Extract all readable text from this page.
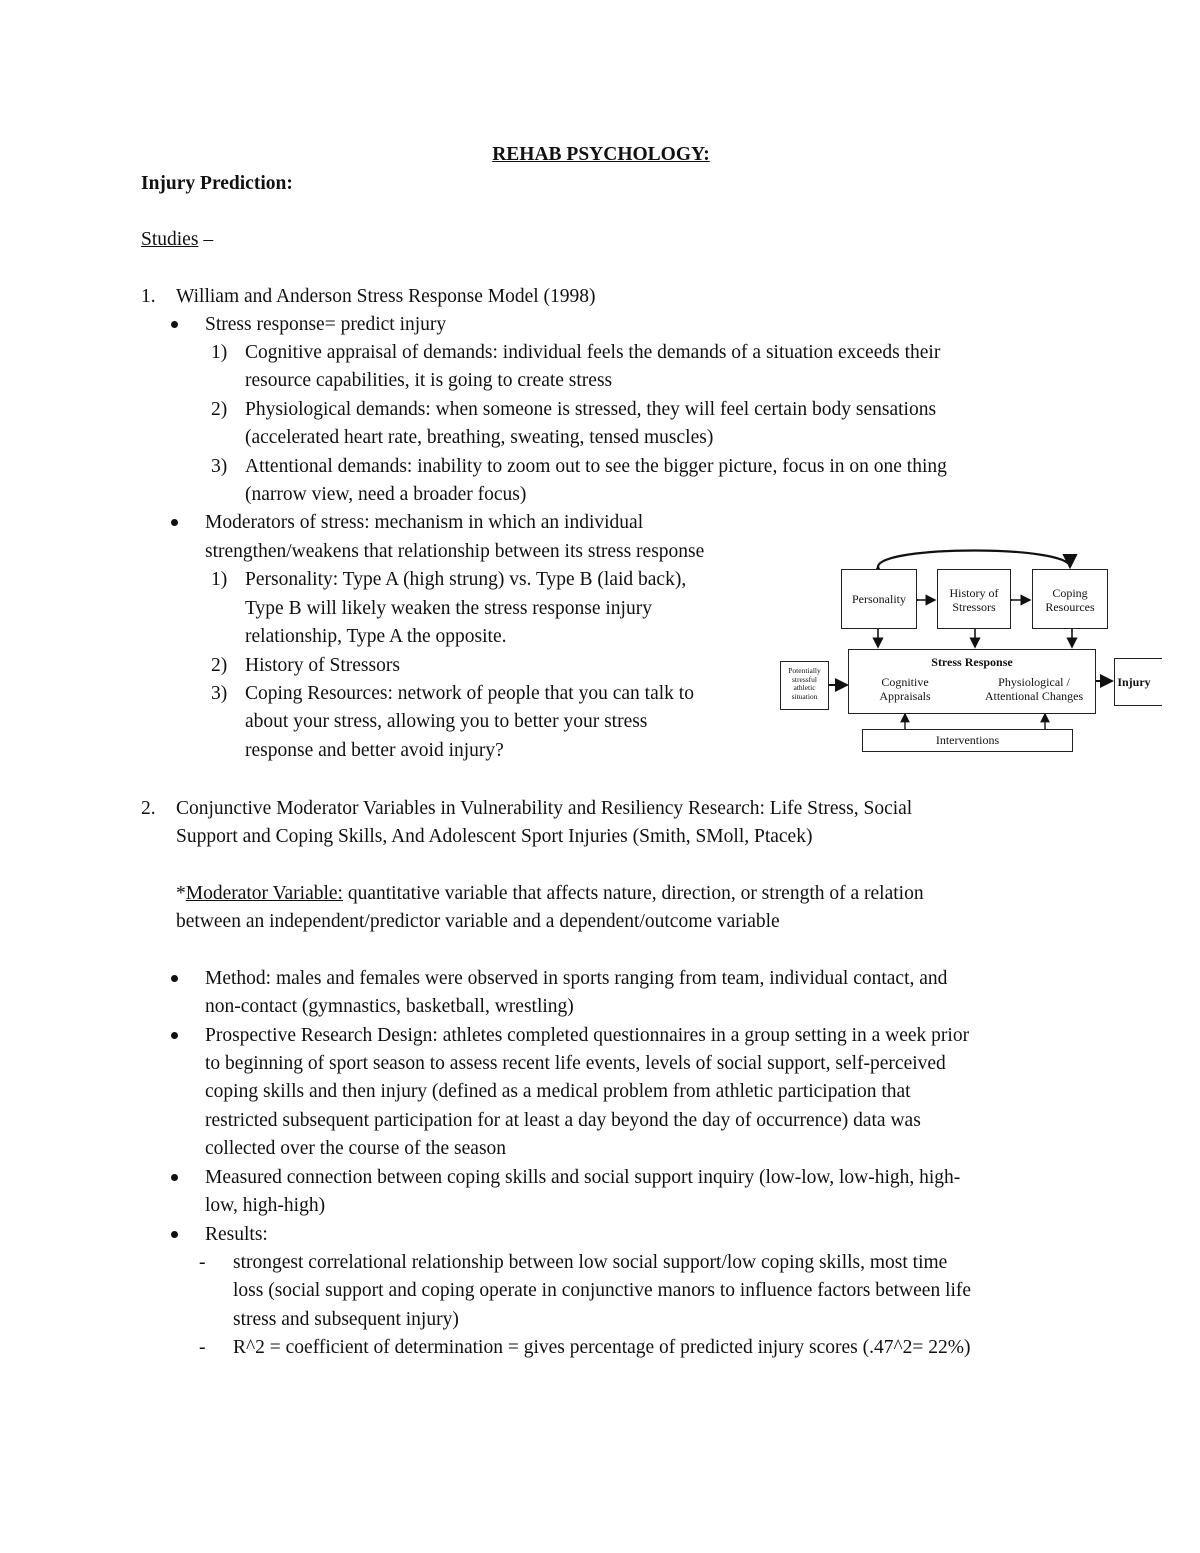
REHAB PSYCHOLOGY:
Injury Prediction:
Studies –
1. William and Anderson Stress Response Model (1998)
Stress response= predict injury
1) Cognitive appraisal of demands: individual feels the demands of a situation exceeds their
resource capabilities, it is going to create stress
2) Physiological demands: when someone is stressed, they will feel certain body sensations
(accelerated heart rate, breathing, sweating, tensed muscles)
3) Attentional demands: inability to zoom out to see the bigger picture, focus in on one thing
(narrow view, need a broader focus)
Moderators of stress: mechanism in which an individual
strengthen/weakens that relationship between its stress response
1) Personality: Type A (high strung) vs. Type B (laid back),
Type B will likely weaken the stress response injury
relationship, Type A the opposite.
2) History of Stressors
3) Coping Resources: network of people that you can talk to
about your stress, allowing you to better your stress
response and better avoid injury?
Personality	History of Stressors
Coping Resources
Stress Response
Cognitive Appraisals
Physiological / Attentional Changes
Potentially stressful athletic situation
Injury
Interventions
2. Conjunctive Moderator Variables in Vulnerability and Resiliency Research: Life Stress, Social
Support and Coping Skills, And Adolescent Sport Injuries (Smith, SMoll, Ptacek)
*Moderator Variable: quantitative variable that affects nature, direction, or strength of a relation
between an independent/predictor variable and a dependent/outcome variable
Method: males and females were observed in sports ranging from team, individual contact, and
non-contact (gymnastics, basketball, wrestling)
Prospective Research Design: athletes completed questionnaires in a group setting in a week prior
to beginning of sport season to assess recent life events, levels of social support, self-perceived
coping skills and then injury (defined as a medical problem from athletic participation that
restricted subsequent participation for at least a day beyond the day of occurrence) data was
collected over the course of the season
Measured connection between coping skills and social support inquiry (low-low, low-high, high-
low, high-high)
Results:
- strongest correlational relationship between low social support/low coping skills, most time
loss (social support and coping operate in conjunctive manors to influence factors between life
stress and subsequent injury)
- R^2 = coefficient of determination = gives percentage of predicted injury scores (.47^2= 22%)
